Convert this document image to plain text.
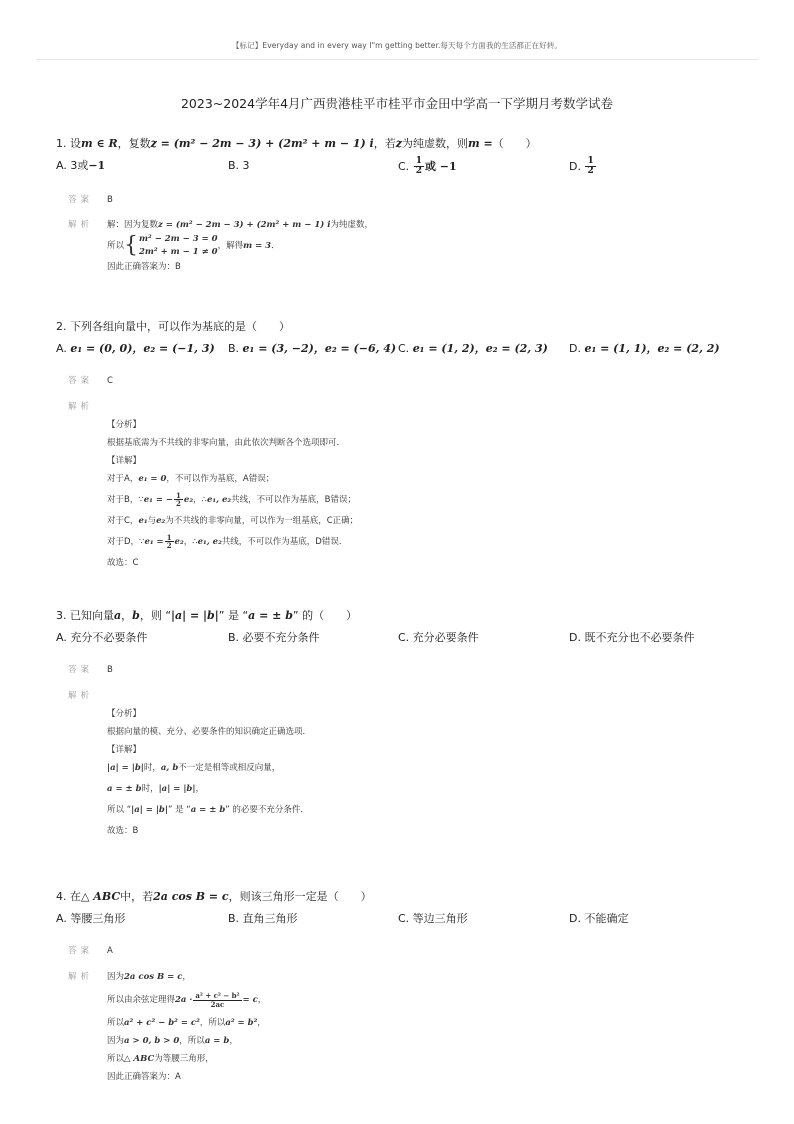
【标记】Everyday and in every way I"m getting better.每天每个方面我的生活都正在好转。
2023~2024学年4月广西贵港桂平市桂平市金田中学高一下学期月考数学试卷
1. 设m ∈ R，复数z = (m² − 2m − 3) + (2m² + m − 1) i，若z为纯虚数，则m =（　　）
A. 3或−1	B. 3	C. $\frac{1}{2}$ 或 −1	D. $\frac{1}{2}$
答案 B
解析 解：因为复数z = (m² − 2m − 3) + (2m² + m − 1) i为纯虚数，
所以 { m² − 2m − 3 = 0
2m² + m − 1 ≠ 0
，解得 m = 3 ．
因此正确答案为：B
2. 下列各组向量中，可以作为基底的是（　　）
A. e₁ = (0, 0)，e₂ = (−1, 3) B. e₁ = (3, −2)，e₂ = (−6, 4) C. e₁ = (1, 2)，e₂ = (2, 3) D. e₁ = (1, 1)，e₂ = (2, 2)
答案 C
解析
【分析】
根据基底需为不共线的非零向量，由此依次判断各个选项即可．
【详解】
对于A，e₁ = 0，不可以作为基底，A错误；
对于B，∵e₁ = − $\frac{1}{2} e_2$，∴e₁, e₂共线，不可以作为基底，B错误；
对于C，e₁与e₂为不共线的非零向量，可以作为一组基底，C正确；
对于D，∵e₁ = $\frac{1}{2} e_2$，∴e₁, e₂共线，不可以作为基底，D错误．
故选：C
3. 已知向量a，b，则 “|a| = |b|” 是 “a = ± b” 的（　　）
A. 充分不必要条件	B. 必要不充分条件	C. 充分必要条件	D. 既不充分也不必要条件
答案 B
解析
【分析】
根据向量的模、充分、必要条件的知识确定正确选项．
【详解】
|a| = |b|时，a, b不一定是相等或相反向量，
a = ± b时，|a| = |b|，
所以 “|a| = |b|” 是 “a = ± b” 的必要不充分条件．
故选：B
4. 在△ ABC中，若2a cos B = c，则该三角形一定是（　　）
A. 等腰三角形	B. 直角三角形	C. 等边三角形	D. 不能确定
答案 A
解析 因为2a cos B = c，
所以由余弦定理得 $2a \cdot \frac{\text{a² + c² − b²}}{2ac} = c$ ，
所以a² + c² − b² = c²，所以a² = b²，
因为a > 0, b > 0，所以a = b，
所以△ ABC为等腰三角形，
因此正确答案为：A
